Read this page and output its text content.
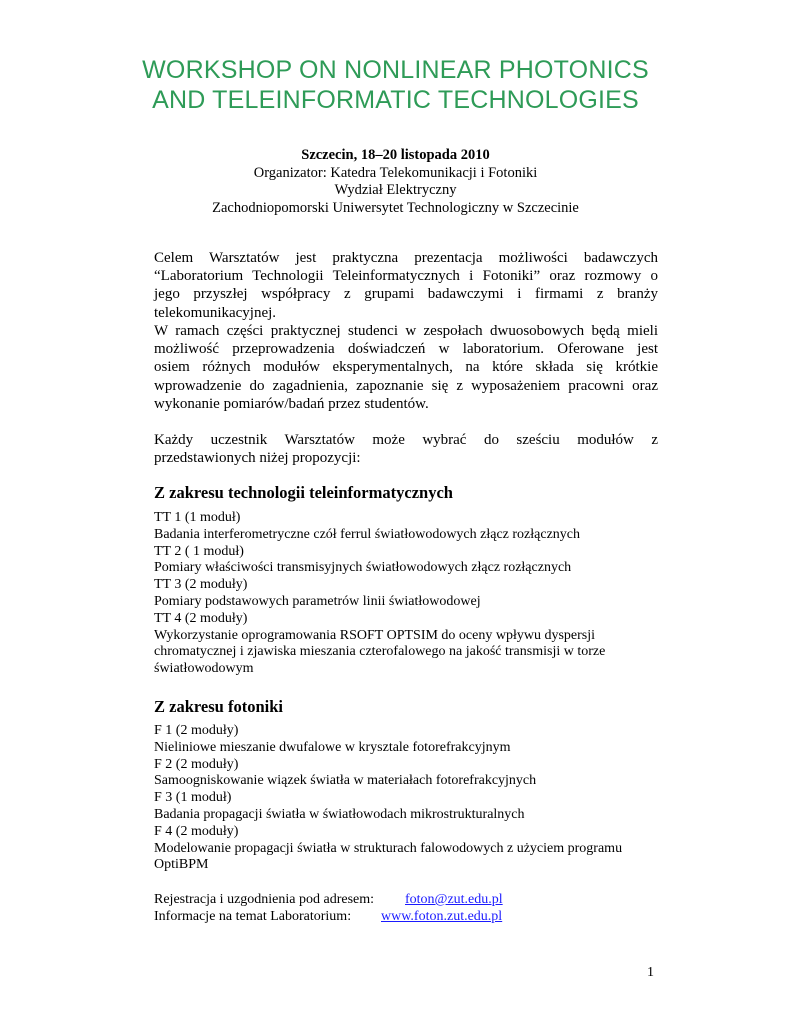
WORKSHOP ON NONLINEAR PHOTONICS
AND TELEINFORMATIC TECHNOLOGIES
Szczecin, 18–20 listopada 2010
Organizator: Katedra Telekomunikacji i Fotoniki
Wydział Elektryczny
Zachodniopomorski Uniwersytet Technologiczny w Szczecinie
Celem Warsztatów jest praktyczna prezentacja możliwości badawczych
“Laboratorium Technologii Teleinformatycznych i Fotoniki” oraz rozmowy o
jego przyszłej współpracy z grupami badawczymi i firmami z branży
telekomunikacyjnej.
W ramach części praktycznej studenci w zespołach dwuosobowych będą mieli
możliwość przeprowadzenia doświadczeń w laboratorium. Oferowane jest
osiem różnych modułów eksperymentalnych, na które składa się krótkie
wprowadzenie do zagadnienia, zapoznanie się z wyposażeniem pracowni oraz
wykonanie pomiarów/badań przez studentów.
Każdy uczestnik Warsztatów może wybrać do sześciu modułów z
przedstawionych niżej propozycji:
Z zakresu technologii teleinformatycznych
TT 1 (1 moduł)
Badania interferometryczne czół ferrul światłowodowych złącz rozłącznych
TT 2 ( 1 moduł)
Pomiary właściwości transmisyjnych światłowodowych złącz rozłącznych
TT 3 (2 moduły)
Pomiary podstawowych parametrów linii światłowodowej
TT 4 (2 moduły)
Wykorzystanie oprogramowania RSOFT OPTSIM do oceny wpływu dyspersji
chromatycznej i zjawiska mieszania czterofalowego na jakość transmisji w torze
światłowodowym
Z zakresu fotoniki
F 1 (2 moduły)
Nieliniowe mieszanie dwufalowe w krysztale fotorefrakcyjnym
F 2 (2 moduły)
Samoogniskowanie wiązek światła w materiałach fotorefrakcyjnych
F 3 (1 moduł)
Badania propagacji światła w światłowodach mikrostrukturalnych
F 4 (2 moduły)
Modelowanie propagacji światła w strukturach falowodowych z użyciem programu
OptiBPM
Rejestracja i uzgodnienia pod adresem: foton@zut.edu.pl
Informacje na temat Laboratorium: www.foton.zut.edu.pl
1
